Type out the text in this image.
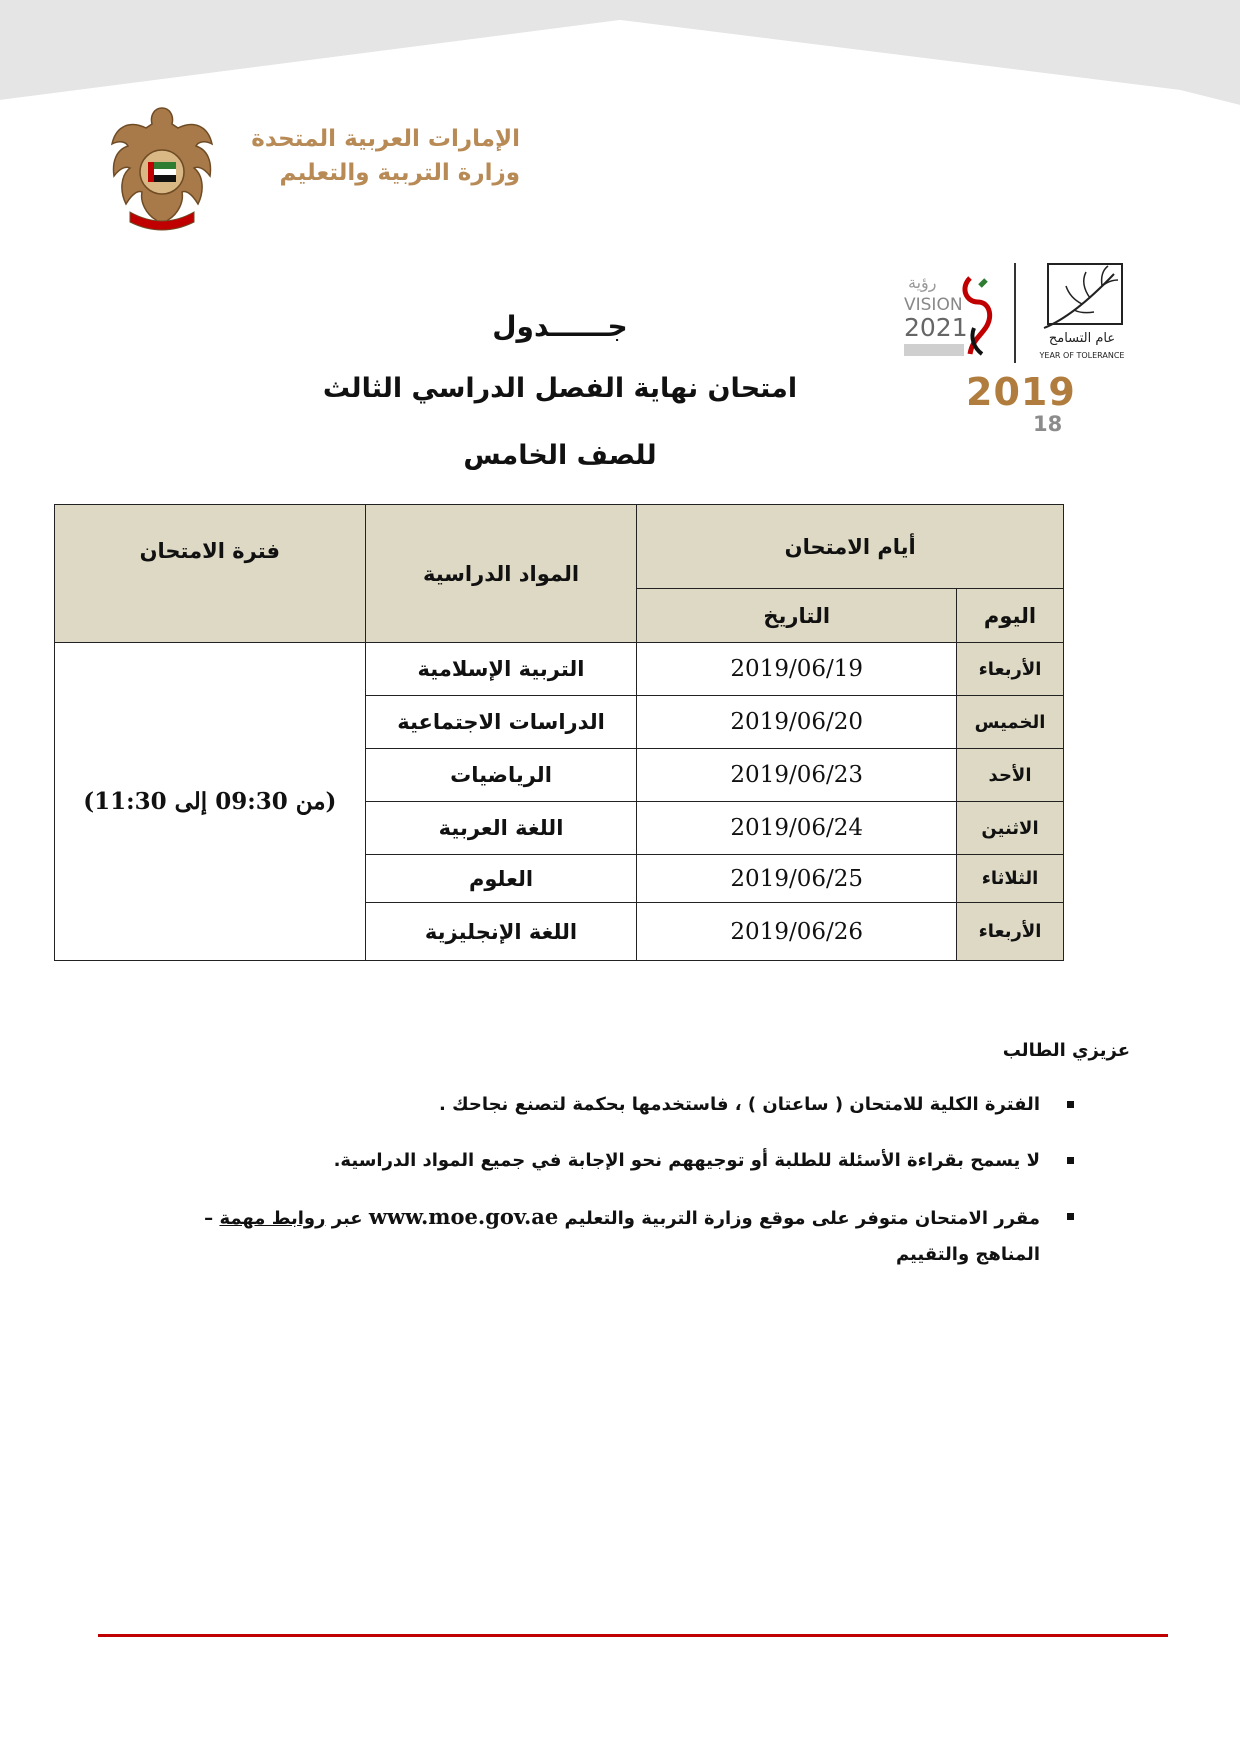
الإمارات العربية المتحدة
وزارة التربية والتعليم
رؤية
VISION
2021	عام التسامح
YEAR OF TOLERANCE
2019
18
جــــــدول
امتحان نهاية الفصل الدراسي الثالث
للصف الخامس
أيام الامتحان		المواد الدراسية	فترة الامتحان
اليوم	التاريخ		
الأربعاء	2019/06/19	التربية الإسلامية	(من 09:30 إلى 11:30)
الخميس	2019/06/20	الدراسات الاجتماعية	
الأحد	2019/06/23	الرياضيات	
الاثنين	2019/06/24	اللغة العربية	
الثلاثاء	2019/06/25	العلوم	
الأربعاء	2019/06/26	اللغة الإنجليزية	
عزيزي الطالب
الفترة الكلية للامتحان ( ساعتان ) ، فاستخدمها بحكمة لتصنع نجاحك .
لا يسمح بقراءة الأسئلة للطلبة أو توجيههم نحو الإجابة في جميع المواد الدراسية.
مقرر الامتحان متوفر على موقع وزارة التربية والتعليم www.moe.gov.ae عبر روابط مهمة – المناهج والتقييم
